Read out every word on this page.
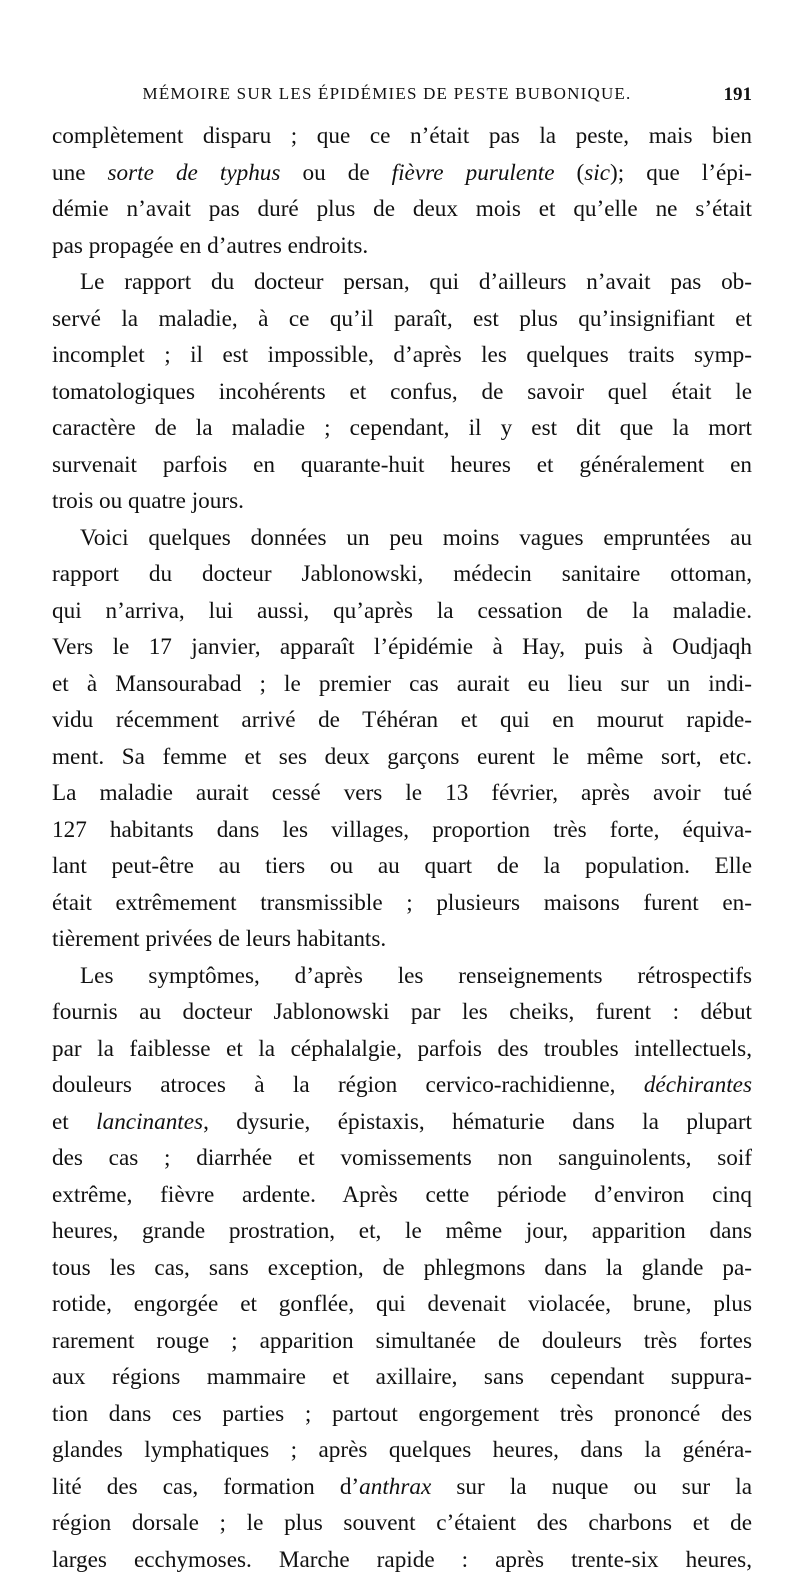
MÉMOIRE SUR LES ÉPIDÉMIES DE PESTE BUBONIQUE.	191
complètement disparu ; que ce n’était pas la peste, mais bien
une sorte de typhus ou de fièvre purulente (sic); que l’épi-
démie n’avait pas duré plus de deux mois et qu’elle ne s’était
pas propagée en d’autres endroits.
Le rapport du docteur persan, qui d’ailleurs n’avait pas ob-
servé la maladie, à ce qu’il paraît, est plus qu’insignifiant et
incomplet ; il est impossible, d’après les quelques traits symp-
tomatologiques incohérents et confus, de savoir quel était le
caractère de la maladie ; cependant, il y est dit que la mort
survenait parfois en quarante-huit heures et généralement en
trois ou quatre jours.
Voici quelques données un peu moins vagues empruntées au
rapport du docteur Jablonowski, médecin sanitaire ottoman,
qui n’arriva, lui aussi, qu’après la cessation de la maladie.
Vers le 17 janvier, apparaît l’épidémie à Hay, puis à Oudjaqh
et à Mansourabad ; le premier cas aurait eu lieu sur un indi-
vidu récemment arrivé de Téhéran et qui en mourut rapide-
ment. Sa femme et ses deux garçons eurent le même sort, etc.
La maladie aurait cessé vers le 13 février, après avoir tué
127 habitants dans les villages, proportion très forte, équiva-
lant peut-être au tiers ou au quart de la population. Elle
était extrêmement transmissible ; plusieurs maisons furent en-
tièrement privées de leurs habitants.
Les symptômes, d’après les renseignements rétrospectifs
fournis au docteur Jablonowski par les cheiks, furent : début
par la faiblesse et la céphalalgie, parfois des troubles intellectuels,
douleurs atroces à la région cervico-rachidienne, déchirantes
et lancinantes, dysurie, épistaxis, hématurie dans la plupart
des cas ; diarrhée et vomissements non sanguinolents, soif
extrême, fièvre ardente. Après cette période d’environ cinq
heures, grande prostration, et, le même jour, apparition dans
tous les cas, sans exception, de phlegmons dans la glande pa-
rotide, engorgée et gonflée, qui devenait violacée, brune, plus
rarement rouge ; apparition simultanée de douleurs très fortes
aux régions mammaire et axillaire, sans cependant suppura-
tion dans ces parties ; partout engorgement très prononcé des
glandes lymphatiques ; après quelques heures, dans la généra-
lité des cas, formation d’anthrax sur la nuque ou sur la
région dorsale ; le plus souvent c’étaient des charbons et de
larges ecchymoses. Marche rapide : après trente-six heures,
